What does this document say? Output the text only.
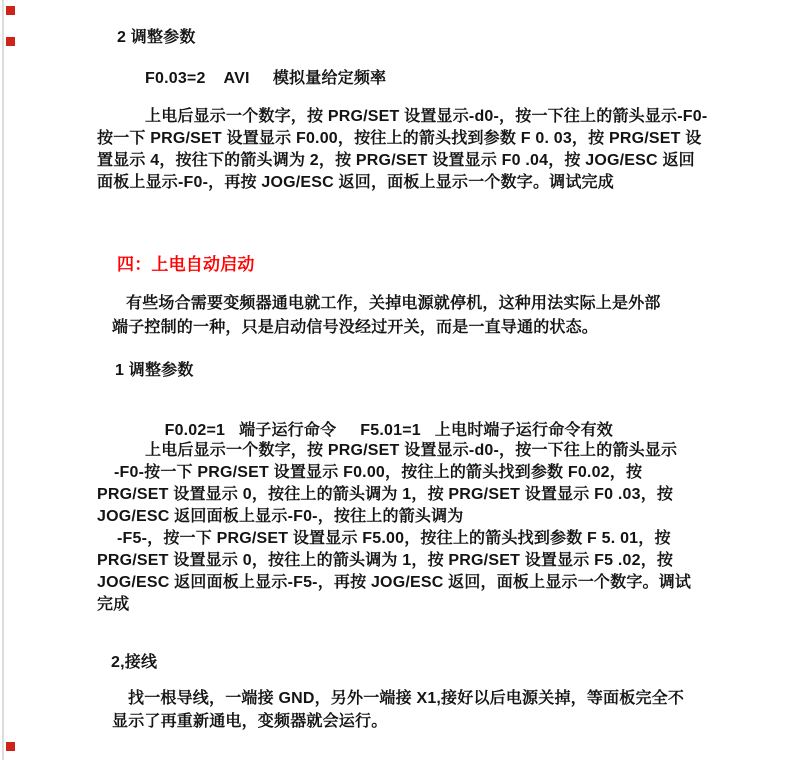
2 调整参数
F0.03=2    AVI     模拟量给定频率
上电后显示一个数字，按 PRG/SET 设置显示-d0-，按一下往上的箭头显示-F0-
按一下 PRG/SET 设置显示 F0.00，按往上的箭头找到参数 F 0. 03，按 PRG/SET 设
置显示 4，按往下的箭头调为 2，按 PRG/SET 设置显示 F0 .04，按 JOG/ESC 返回
面板上显示-F0-，再按 JOG/ESC 返回，面板上显示一个数字。调试完成
四：上电自动启动
有些场合需要变频器通电就工作，关掉电源就停机，这种用法实际上是外部
端子控制的一种，只是启动信号没经过开关，而是一直导通的状态。
1 调整参数

F0.02=1   端子运行命令 F5.01=1   上电时端子运行命令有效

上电后显示一个数字，按 PRG/SET 设置显示-d0-，按一下往上的箭头显示
-F0-按一下 PRG/SET 设置显示 F0.00，按往上的箭头找到参数 F0.02，按
PRG/SET 设置显示 0，按往上的箭头调为 1，按 PRG/SET 设置显示 F0 .03，按
JOG/ESC 返回面板上显示-F0-，按往上的箭头调为
-F5-，按一下 PRG/SET 设置显示 F5.00，按往上的箭头找到参数 F 5. 01，按
PRG/SET 设置显示 0，按往上的箭头调为 1，按 PRG/SET 设置显示 F5 .02，按
JOG/ESC 返回面板上显示-F5-，再按 JOG/ESC 返回，面板上显示一个数字。调试
完成
2,接线
找一根导线，一端接 GND，另外一端接 X1,接好以后电源关掉，等面板完全不
显示了再重新通电，变频器就会运行。
